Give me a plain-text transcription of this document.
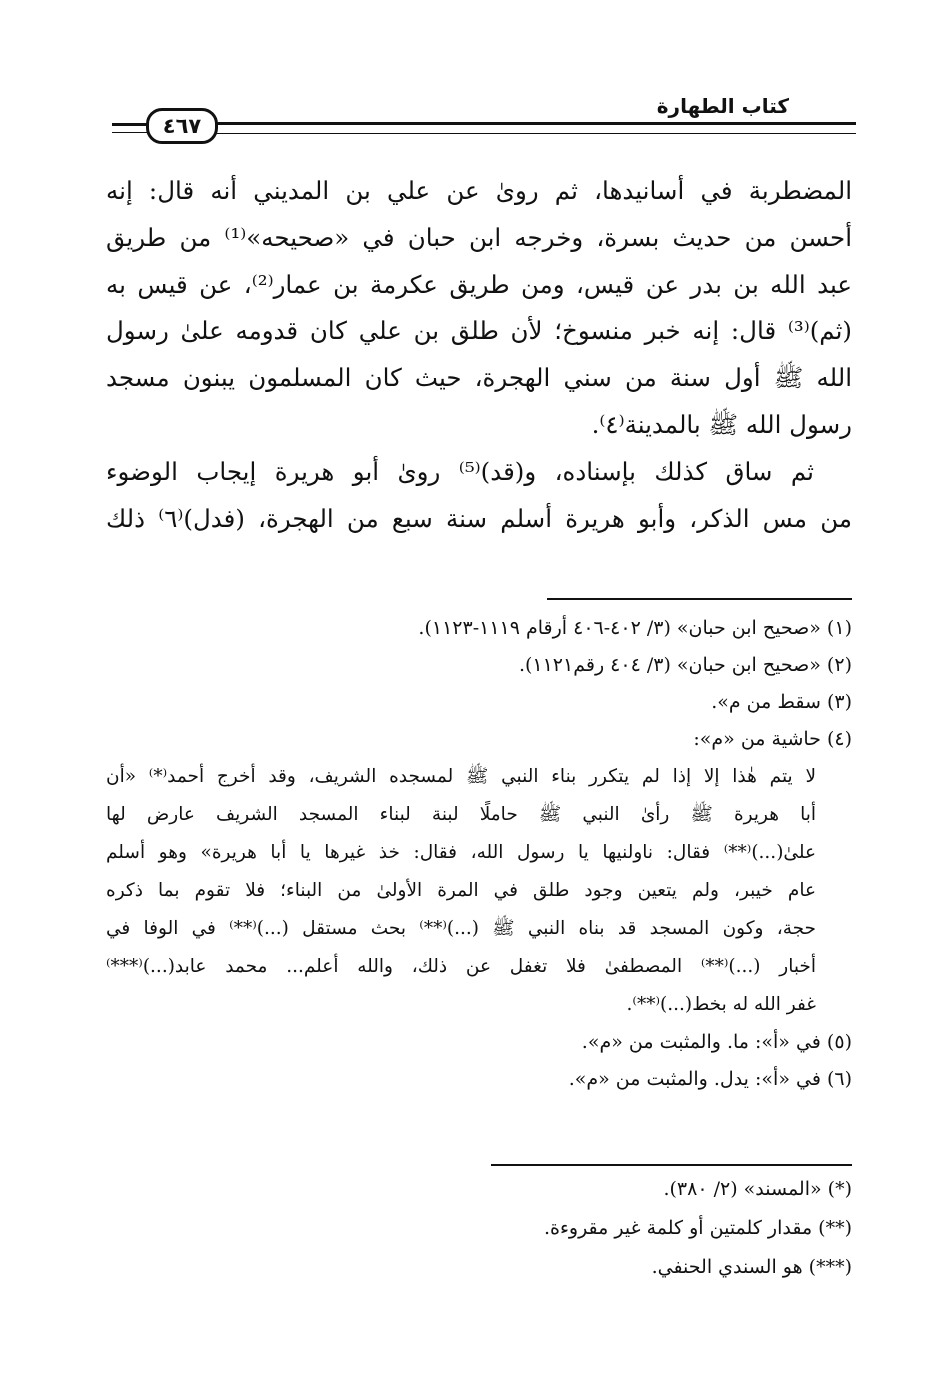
٤٦٧
كتاب الطهارة
المضطربة في أسانيدها، ثم روىٰ عن علي بن المديني أنه قال: إنه
أحسن من حديث بسرة، وخرجه ابن حبان في «صحيحه»⁽¹⁾ من طريق
عبد الله بن بدر عن قيس، ومن طريق عكرمة بن عمار⁽²⁾، عن قيس به
(ثم)⁽³⁾ قال: إنه خبر منسوخ؛ لأن طلق بن علي كان قدومه علىٰ رسول
الله ﷺ أول سنة من سني الهجرة، حيث كان المسلمون يبنون مسجد
رسول الله ﷺ بالمدينة⁽٤⁾.
ثم ساق كذلك بإسناده، و(قد)⁽⁵⁾ روىٰ أبو هريرة إيجاب الوضوء
من مس الذكر، وأبو هريرة أسلم سنة سبع من الهجرة، (فدل)⁽٦⁾ ذلك
(١) «صحيح ابن حبان» (٣/ ٤٠٢-٤٠٦ أرقام ١١١٩-١١٢٣).
(٢) «صحيح ابن حبان» (٣/ ٤٠٤ رقم١١٢١).
(٣) سقط من م».
(٤) حاشية من «م»:
لا يتم هٰذا إلا إذا لم يتكرر بناء النبي ﷺ لمسجده الشريف، وقد أخرج أحمد⁽*⁾ «أن
أبا هريرة ﷺ رأىٰ النبي ﷺ حاملًا لبنة لبناء المسجد الشريف عارض لها
علىٰ(...)⁽**⁾ فقال: ناولنيها يا رسول الله، فقال: خذ غيرها يا أبا هريرة» وهو أسلم
عام خيبر، ولم يتعين وجود طلق في المرة الأولىٰ من البناء؛ فلا تقوم بما ذكره
حجة، وكون المسجد قد بناه النبي ﷺ (...)⁽**⁾ بحث مستقل (...)⁽**⁾ في الوفا في
أخبار (...)⁽**⁾ المصطفىٰ فلا تغفل عن ذلك، والله أعلم... محمد عابد(...)⁽***⁾
غفر الله له بخط(...)⁽**⁾.
(٥) في «أ»: ما. والمثبت من «م».
(٦) في «أ»: يدل. والمثبت من «م».
(*) «المسند» (٢/ ٣٨٠).
(**) مقدار كلمتين أو كلمة غير مقروءة.
(***) هو السندي الحنفي.
